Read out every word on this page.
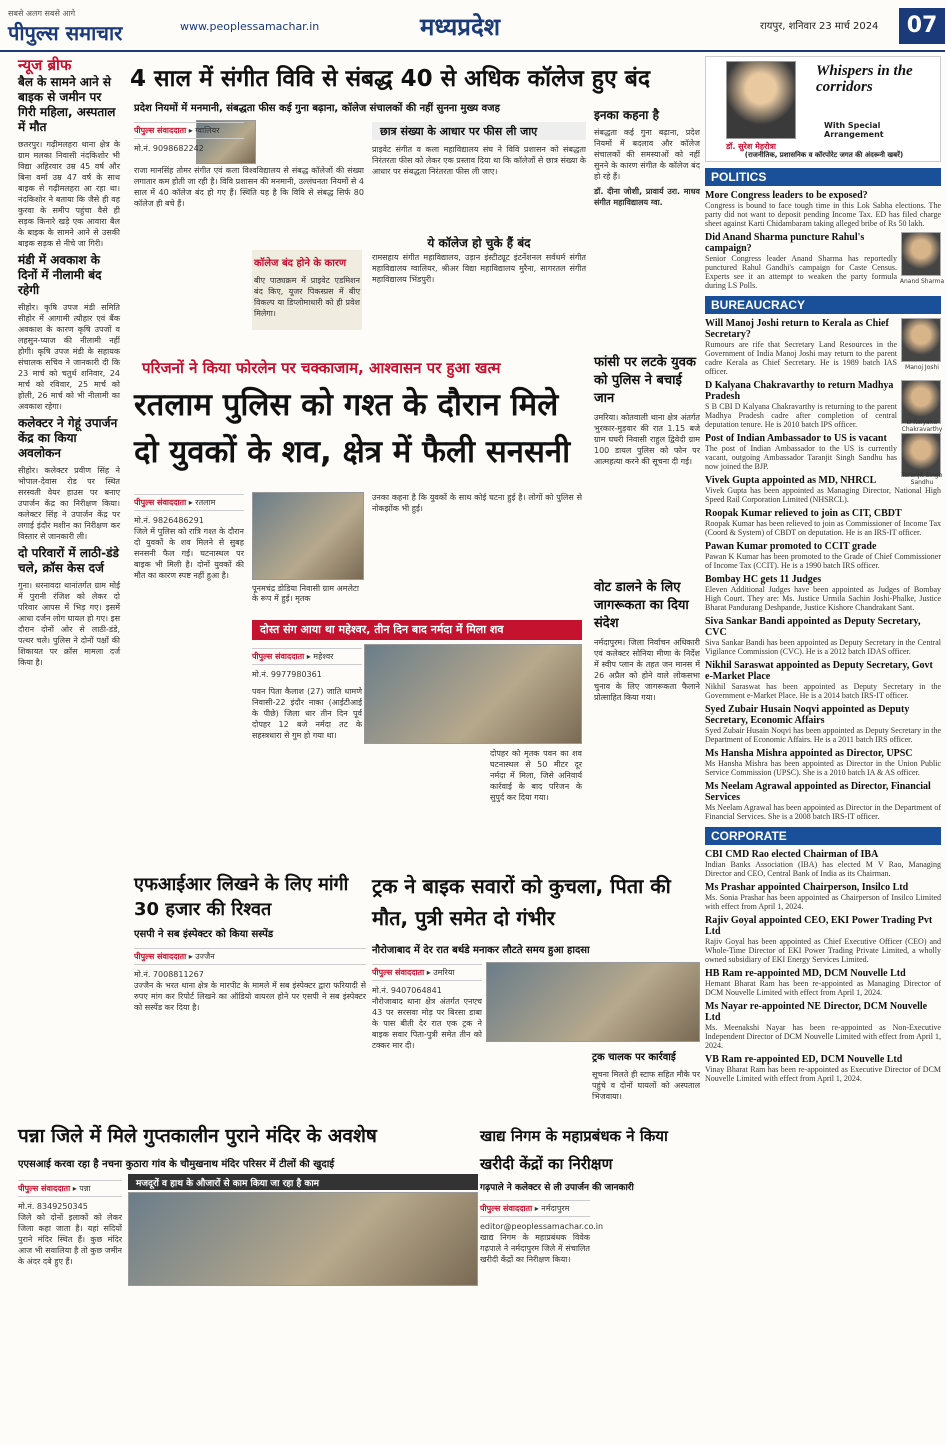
सबसे अलग सबसे आगे
पीपुल्स समाचार	www.peoplessamachar.in	मध्यप्रदेश	रायपुर, शनिवार 23 मार्च 2024	07
न्यूज ब्रीफ
बैल के सामने आने से बाइक से जमीन पर गिरी महिला, अस्पताल में मौत

छतरपुर। गढ़ीमलहरा थाना क्षेत्र के ग्राम मलका निवासी नंदकिशोर भी विद्या अहिरवार उम्र 45 वर्ष और बिना वर्मा उम्र 47 वर्ष के साथ बाइक से गढ़ीमलहरा आ रहा था। नंदकिशोर ने बताया कि जैसे ही वह कुरवा के समीप पहुंचा वैसे ही सड़क किनारे खड़े एक आवारा बैल के बाइक के सामने आने से उसकी बाइक सड़क से नीचे जा गिरी।

मंडी में अवकाश के दिनों में नीलामी बंद रहेगी

सीहोर। कृषि उपज मंडी समिति सीहोर में आगामी त्यौहार एवं बैंक अवकाश के कारण कृषि उपजों व लहसुन-प्याज की नीलामी नहीं होगी। कृषि उपज मंडी के सहायक संचालक सचिव ने जानकारी दी कि 23 मार्च को चतुर्थ शनिवार, 24 मार्च को रविवार, 25 मार्च को होली, 26 मार्च को भी नीलामी का अवकाश रहेगा।

कलेक्टर ने गेहूं उपार्जन केंद्र का किया अवलोकन

सीहोर। कलेक्टर प्रवीण सिंह ने भोपाल-देवास रोड पर स्थित सरस्वती वेयर हाउस पर बनाए उपार्जन केंद्र का निरीक्षण किया। कलेक्टर सिंह ने उपार्जन केंद्र पर लगाई इंदौर मशीन का निरीक्षण कर विस्तार से जानकारी ली।

दो परिवारों में लाठी-डंडे चले, क्रॉस केस दर्ज

गुना। धरनावदा थानांतर्गत ग्राम मोई में पुरानी रंजिश को लेकर दो परिवार आपस में भिड़ गए। इसमें आधा दर्जन लोग घायल हो गए। इस दौरान दोनों ओर से लाठी-डंडे, पत्थर चले। पुलिस ने दोनों पक्षों की शिकायत पर क्रॉस मामला दर्ज किया है।

4 साल में संगीत विवि से संबद्ध 40 से अधिक कॉलेज हुए बंद
प्रदेश नियमों में मनमानी, संबद्धता फीस कई गुना बढ़ाना, कॉलेज संचालकों की नहीं सुनना मुख्य वजह
पीपुल्स संवाददाता ▸ ग्वालियर
मो.नं. 9098682242

राजा मानसिंह तोमर संगीत एवं कला विश्वविद्यालय से संबद्ध कॉलेजों की संख्या लगातार कम होती जा रही है। विवि प्रशासन की मनमानी, उल्लंघनता नियमों से 4 साल में 40 कॉलेज बंद हो गए हैं। स्थिति यह है कि विवि से संबद्ध सिर्फ 80 कॉलेज ही बचे हैं।

कॉलेज बंद होने के कारण

बीए पाठ्यक्रम में प्राइवेट एडमिशन बंद किए, यूजर पिकस्प्रस में बीए विकल्प या डिप्लोमाधारी को ही प्रवेश मिलेगा।

छात्र संख्या के आधार पर फीस ली जाए

प्राइवेट संगीत व कला महाविद्यालय संघ ने विवि प्रशासन को संबद्धता निरंतरता फीस को लेकर एक प्रस्ताव दिया था कि कॉलेजों से छात्र संख्या के आधार पर संबद्धता निरंतरता फीस ली जाए।

ये कॉलेज हो चुके हैं बंद

रामसहाय संगीत महाविद्यालय, उड़ान इंस्टीट्यूट इंटर्नेशनल सर्वधर्म संगीत महाविद्यालय ग्वालियर, श्रीअर विद्या महाविद्यालय मुरैना, सागरतल संगीत महाविद्यालय भिंडपुरी।

इनका कहना है

संबद्धता कई गुना बढ़ाना, प्रदेश नियमों में बदलाव और कॉलेज संचालकों की समस्याओं को नहीं सुनने के कारण संगीत के कॉलेज बंद हो रहे हैं।

डॉ. दीना जोशी, प्रावार्य उरा. माधव संगीत महाविद्यालय ग्वा.

परिजनों ने किया फोरलेन पर चक्काजाम, आश्वासन पर हुआ खत्म
रतलाम पुलिस को गश्त के दौरान मिले दो युवकों के शव, क्षेत्र में फैली सनसनी
पीपुल्स संवाददाता ▸ रतलाम
मो.नं. 9826486291

जिले में पुलिस को रात्रि गश्त के दौरान दो युवकों के शव मिलने से सुबह सनसनी फैल गई। घटनास्थल पर बाइक भी मिली है। दोनों युवकों की मौत का कारण स्पष्ट नहीं हुआ है।

पूनमचंद्र डोडिया निवासी ग्राम अमलेटा के रूप में हुई। मृतक

उनका कहना है कि युवकों के साथ कोई घटना हुई है। लोगों को पुलिस से नोकझोंक भी हुई।

फांसी पर लटके युवक को पुलिस ने बचाई जान

उमरिया। कोतवाली थाना क्षेत्र अंतर्गत भुरकार-मुड़वार की रात 1.15 बजे ग्राम घघरी निवासी राहुल द्विवेदी ग्राम 100 डायल पुलिस को फोन पर आत्महत्या करने की सूचना दी गई।

वोट डालने के लिए जागरूकता का दिया संदेश

नर्मदापुरम। जिला निर्वाचन अधिकारी एवं कलेक्टर सोनिया मीणा के निर्देश में स्वीप प्लान के तहत जन मानस में 26 अप्रैल को होने वाले लोकसभा चुनाव के लिए जागरूकता फैलाने प्रोत्साहित किया गया।

दोस्त संग आया था महेश्वर, तीन दिन बाद नर्मदा में मिला शव
पीपुल्स संवाददाता ▸ महेश्वर
मो.नं. 9977980361

पवन पिता कैलाश (27) जाति धामणे निवासी-22 इंदौर नाका (आईटीआई के पीछे) जिला धार तीन दिन पूर्व दोपहर 12 बजे नर्मदा तट के सहस्त्रधारा से गुम हो गया था।

दोपहर को मृतक पवन का शव घटनास्थल से 50 मीटर दूर नर्मदा में मिला, जिसे अनिवार्य कार्रवाई के बाद परिजन के सुपुर्द कर दिया गया।

एफआईआर लिखने के लिए मांगी 30 हजार की रिश्वत
एसपी ने सब इंस्पेक्टर को किया सस्पेंड
पीपुल्स संवाददाता ▸ उज्जैन
मो.नं. 7008811267

उज्जैन के भरत थाना क्षेत्र के मारपीट के मामले में सब इंस्पेक्टर द्वारा फरियादी से रुपए मांग कर रिपोर्ट लिखने का ऑडियो वायरल होने पर एसपी ने सब इंस्पेक्टर को सस्पेंड कर दिया है।

ट्रक ने बाइक सवारों को कुचला, पिता की मौत, पुत्री समेत दो गंभीर
नौरोजाबाद में देर रात बर्थडे मनाकर लौटते समय हुआ हादसा
पीपुल्स संवाददाता ▸ उमरिया
मो.नं. 9407064841

नौरोजाबाद थाना क्षेत्र अंतर्गत एनएच 43 पर सरसवा मोड़ पर बिरसा डाबा के पास बीती देर रात एक ट्रक ने बाइक सवार पिता-पुत्री समेत तीन को टक्कर मार दी।

ट्रक चालक पर कार्रवाई

सूचना मिलते ही स्टाफ सहित मौके पर पहुंचे व दोनों घायलों को अस्पताल भिजवाया।

पन्ना जिले में मिले गुप्तकालीन पुराने मंदिर के अवशेष
एएसआई करवा रहा है नचना कुठारा गांव के चौमुखनाथ मंदिर परिसर में टीलों की खुदाई
पीपुल्स संवाददाता ▸ पन्ना
मो.नं. 8349250345

जिले को दोनों इलाकों को लेकर जिला कहा जाता है। यहां सदियों पुराने मंदिर स्थित हैं। कुछ मंदिर आज भी सवालिया है तो कुछ जमीन के अंदर दबे हुए हैं।

मजदूरों व हाथ के औजारों से काम किया जा रहा है काम
खाद्य निगम के महाप्रबंधक ने किया खरीदी केंद्रों का निरीक्षण
गढ़पाले ने कलेक्टर से ली उपार्जन की जानकारी
पीपुल्स संवाददाता ▸ नर्मदापुरम
editor@peoplessamachar.co.in

खाद्य निगम के महाप्रबंधक विवेक गढ़पाले ने नर्मदापुरम जिले में संचालित खरीदी केंद्रों का निरीक्षण किया।

Whispers in the corridors
With Special Arrangement
डॉ. सुरेश मेहरोत्रा
(राजनीतिक, प्रशासनिक व कॉरपोरेट जगत की अंदरूनी खबरें)
POLITICS
More Congress leaders to be exposed?

Congress is bound to face tough time in this Lok Sabha elections. The party did not want to deposit pending Income Tax. ED has filed charge sheet against Karti Chidambaram taking alleged bribe of Rs 50 lakh.

Anand Sharma
Did Anand Sharma puncture Rahul's campaign?

Senior Congress leader Anand Sharma has reportedly punctured Rahul Gandhi's campaign for Caste Census. Experts see it an attempt to weaken the party formula during LS Polls.

BUREAUCRACY
Manoj Joshi
Will Manoj Joshi return to Kerala as Chief Secretary?

Rumours are rife that Secretary Land Resources in the Government of India Manoj Joshi may return to the parent cadre Kerala as Chief Secretary. He is 1989 batch IAS officer.

D Kalyana Chakravarthy
D Kalyana Chakravarthy to return Madhya Pradesh

S B CBI D Kalyana Chakravarthy is returning to the parent Madhya Pradesh cadre after completion of central deputation tenure. He is 2010 batch IPS officer.

Taranjit Singh Sandhu
Post of Indian Ambassador to US is vacant

The post of Indian Ambassador to the US is currently vacant, outgoing Ambassador Taranjit Singh Sandhu has now joined the BJP.

Vivek Gupta appointed as MD, NHRCL

Vivek Gupta has been appointed as Managing Director, National High Speed Rail Corporation Limited (NHSRCL).

Roopak Kumar relieved to join as CIT, CBDT

Roopak Kumar has been relieved to join as Commissioner of Income Tax (Coord & System) of CBDT on deputation. He is an IRS-IT officer.

Pawan Kumar promoted to CCIT grade

Pawan K Kumar has been promoted to the Grade of Chief Commissioner of Income Tax (CCIT). He is a 1990 batch IRS officer.

Bombay HC gets 11 Judges

Eleven Additional Judges have been appointed as Judges of Bombay High Court. They are: Ms. Justice Urmila Sachin Joshi-Phalke, Justice Bharat Pandurang Deshpande, Justice Kishore Chandrakant Sant.

Siva Sankar Bandi appointed as Deputy Secretary, CVC

Siva Sankar Bandi has been appointed as Deputy Secretary in the Central Vigilance Commission (CVC). He is a 2012 batch IDAS officer.

Nikhil Saraswat appointed as Deputy Secretary, Govt e-Market Place

Nikhil Saraswat has been appointed as Deputy Secretary in the Government e-Market Place. He is a 2014 batch IRS-IT officer.

Syed Zubair Husain Noqvi appointed as Deputy Secretary, Economic Affairs

Syed Zubair Husain Noqvi has been appointed as Deputy Secretary in the Department of Economic Affairs. He is a 2011 batch IRS officer.

Ms Hansha Mishra appointed as Director, UPSC

Ms Hansha Mishra has been appointed as Director in the Union Public Service Commission (UPSC). She is a 2010 batch IA & AS officer.

Ms Neelam Agrawal appointed as Director, Financial Services

Ms Neelam Agrawal has been appointed as Director in the Department of Financial Services. She is a 2008 batch IRS-IT officer.

CORPORATE
CBI CMD Rao elected Chairman of IBA

Indian Banks Association (IBA) has elected M V Rao, Managing Director and CEO, Central Bank of India as its Chairman.

Ms Prashar appointed Chairperson, Insilco Ltd

Ms. Sonia Prashar has been appointed as Chairperson of Insilco Limited with effect from April 1, 2024.

Rajiv Goyal appointed CEO, EKI Power Trading Pvt Ltd

Rajiv Goyal has been appointed as Chief Executive Officer (CEO) and Whole-Time Director of EKI Power Trading Private Limited, a wholly owned subsidiary of EKI Energy Services Limited.

HB Ram re-appointed MD, DCM Nouvelle Ltd

Hemant Bharat Ram has been re-appointed as Managing Director of DCM Nouvelle Limited with effect from April 1, 2024.

Ms Nayar re-appointed NE Director, DCM Nouvelle Ltd

Ms. Meenakshi Nayar has been re-appointed as Non-Executive Independent Director of DCM Nouvelle Limited with effect from April 1, 2024.

VB Ram re-appointed ED, DCM Nouvelle Ltd

Vinay Bharat Ram has been re-appointed as Executive Director of DCM Nouvelle Limited with effect from April 1, 2024.
